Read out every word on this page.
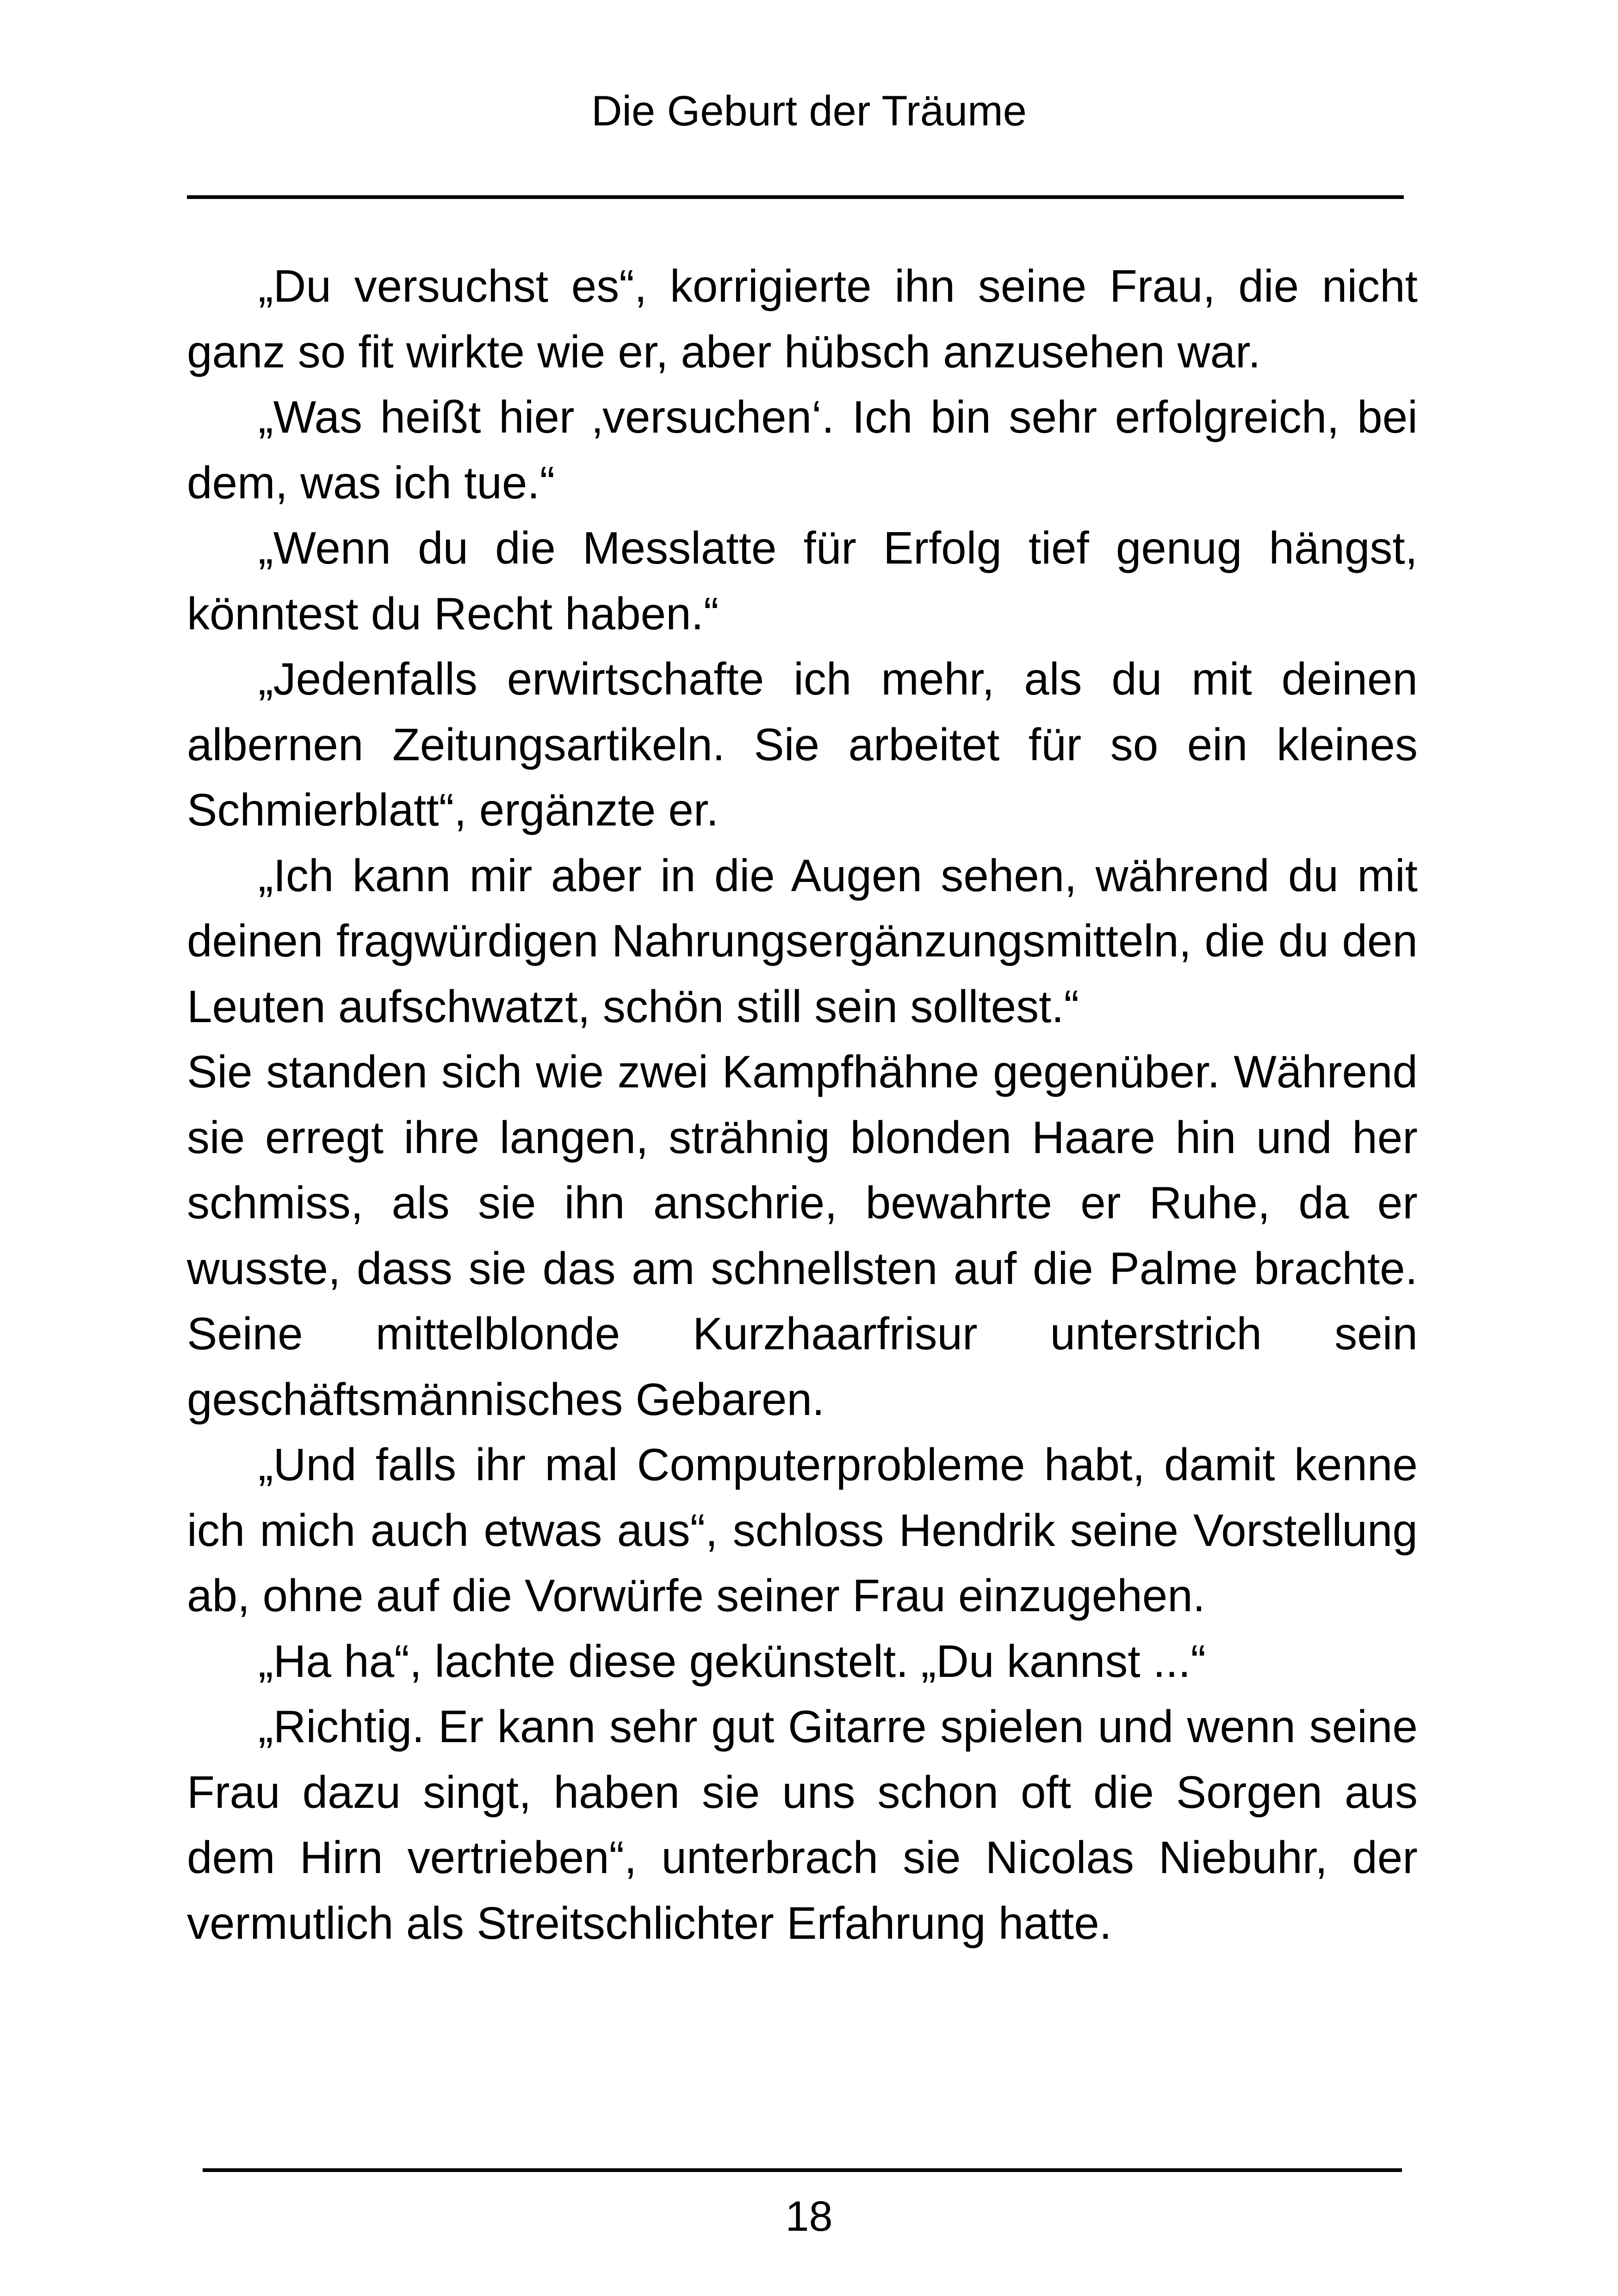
Die Geburt der Träume

„Du versuchst es“, korrigierte ihn seine Frau, die nicht ganz so fit wirkte wie er, aber hübsch anzusehen war.

„Was heißt hier ‚versuchen‘. Ich bin sehr erfolgreich, bei dem, was ich tue.“

„Wenn du die Messlatte für Erfolg tief genug hängst, könntest du Recht haben.“

„Jedenfalls erwirtschafte ich mehr, als du mit deinen albernen Zeitungsartikeln. Sie arbeitet für so ein kleines Schmierblatt“, ergänzte er.

„Ich kann mir aber in die Augen sehen, während du mit deinen fragwürdigen Nahrungsergänzungsmitteln, die du den Leuten aufschwatzt, schön still sein solltest.“

Sie standen sich wie zwei Kampfhähne gegenüber. Während sie erregt ihre langen, strähnig blonden Haare hin und her schmiss, als sie ihn anschrie, bewahrte er Ruhe, da er wusste, dass sie das am schnellsten auf die Palme brachte. Seine mittelblonde Kurzhaarfrisur unterstrich sein geschäftsmännisches Gebaren.

„Und falls ihr mal Computerprobleme habt, damit kenne ich mich auch etwas aus“, schloss Hendrik seine Vorstellung ab, ohne auf die Vorwürfe seiner Frau einzugehen.

„Ha ha“, lachte diese gekünstelt. „Du kannst ...“

„Richtig. Er kann sehr gut Gitarre spielen und wenn seine Frau dazu singt, haben sie uns schon oft die Sorgen aus dem Hirn vertrieben“, unterbrach sie Nicolas Niebuhr, der vermutlich als Streitschlichter Erfahrung hatte.

18
